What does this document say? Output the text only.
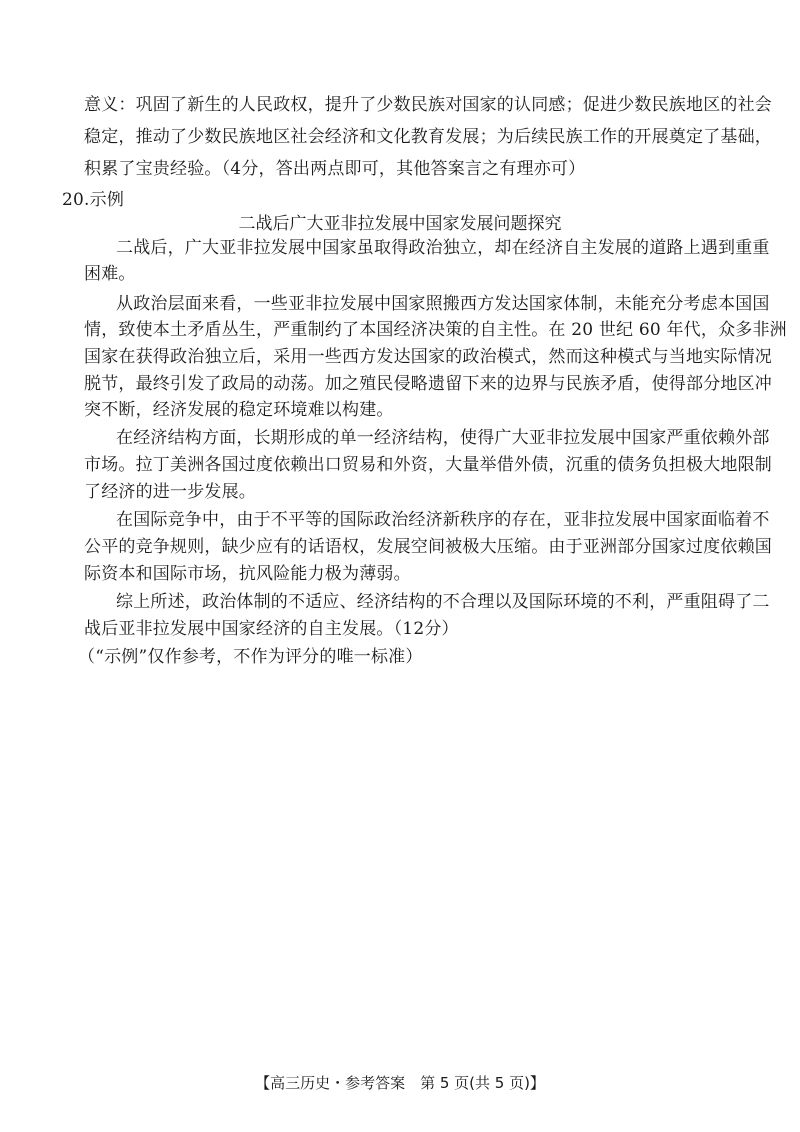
意义：巩固了新生的人民政权，提升了少数民族对国家的认同感；促进少数民族地区的社会
稳定，推动了少数民族地区社会经济和文化教育发展；为后续民族工作的开展奠定了基础，
积累了宝贵经验。（4分，答出两点即可，其他答案言之有理亦可）
20.示例
二战后广大亚非拉发展中国家发展问题探究
二战后，广大亚非拉发展中国家虽取得政治独立，却在经济自主发展的道路上遇到重重
困难。
从政治层面来看，一些亚非拉发展中国家照搬西方发达国家体制，未能充分考虑本国国
情，致使本土矛盾丛生，严重制约了本国经济决策的自主性。在 20 世纪 60 年代，众多非洲
国家在获得政治独立后，采用一些西方发达国家的政治模式，然而这种模式与当地实际情况
脱节，最终引发了政局的动荡。加之殖民侵略遗留下来的边界与民族矛盾，使得部分地区冲
突不断，经济发展的稳定环境难以构建。
在经济结构方面，长期形成的单一经济结构，使得广大亚非拉发展中国家严重依赖外部
市场。拉丁美洲各国过度依赖出口贸易和外资，大量举借外债，沉重的债务负担极大地限制
了经济的进一步发展。
在国际竞争中，由于不平等的国际政治经济新秩序的存在，亚非拉发展中国家面临着不
公平的竞争规则，缺少应有的话语权，发展空间被极大压缩。由于亚洲部分国家过度依赖国
际资本和国际市场，抗风险能力极为薄弱。
综上所述，政治体制的不适应、经济结构的不合理以及国际环境的不利，严重阻碍了二
战后亚非拉发展中国家经济的自主发展。（12分）
（“示例”仅作参考，不作为评分的唯一标准）
【高三历史・参考答案　第 5 页(共 5 页)】
